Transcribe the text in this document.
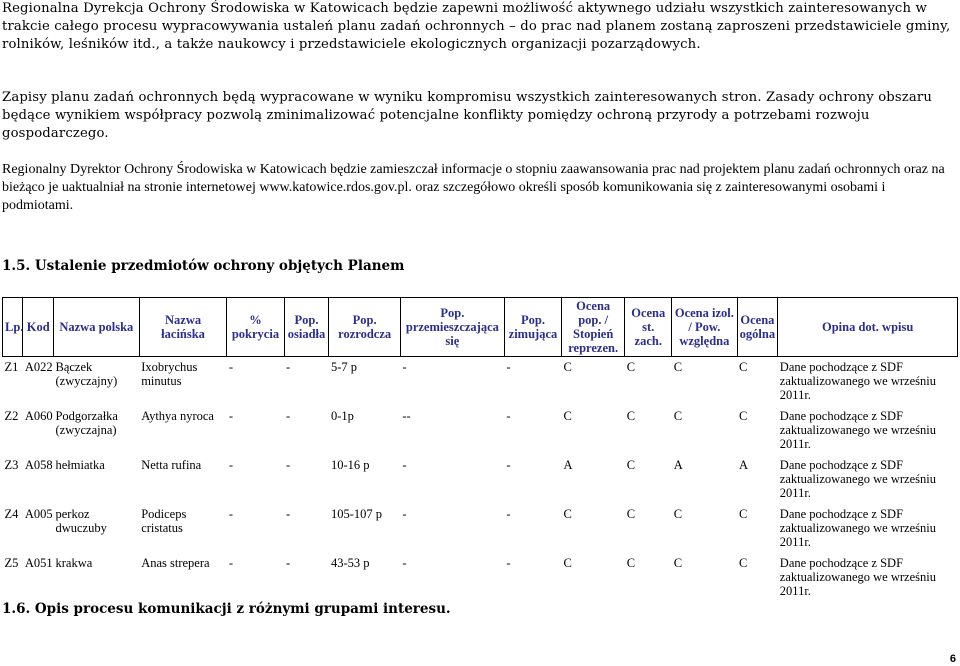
Regionalna Dyrekcja Ochrony Środowiska w Katowicach będzie zapewni możliwość aktywnego udziału wszystkich zainteresowanych w trakcie całego procesu wypracowywania ustaleń planu zadań ochronnych – do prac nad planem zostaną zaproszeni przedstawiciele gminy, rolników, leśników itd., a także naukowcy i przedstawiciele ekologicznych organizacji pozarządowych.

Zapisy planu zadań ochronnych będą wypracowane w wyniku kompromisu wszystkich zainteresowanych stron. Zasady ochrony obszaru będące wynikiem współpracy pozwolą zminimalizować potencjalne konflikty pomiędzy ochroną przyrody a potrzebami rozwoju gospodarczego.

Regionalny Dyrektor Ochrony Środowiska w Katowicach będzie zamieszczał informacje o stopniu zaawansowania prac nad projektem planu zadań ochronnych oraz na bieżąco je uaktualniał na stronie internetowej www.katowice.rdos.gov.pl. oraz szczegółowo określi sposób komunikowania się z zainteresowanymi osobami i podmiotami.

1.5. Ustalenie przedmiotów ochrony objętych Planem
Lp.	Kod	Nazwa polska	Nazwa łacińska	% pokrycia	Pop. osiadła	Pop. rozrodcza	Pop. przemieszczająca się	Pop. zimująca	Ocena pop. / Stopień reprezen.	Ocena st. zach.	Ocena izol. / Pow. względna	Ocena ogólna	Opina dot. wpisu
Z1	A022	Bączek (zwyczajny)	Ixobrychus minutus	-	-	5-7 p	-	-	C	C	C	C	Dane pochodzące z SDF zaktualizowanego we wrześniu 2011r.
Z2	A060	Podgorzałka (zwyczajna)	Aythya nyroca	-	-	0-1p	--	-	C	C	C	C	Dane pochodzące z SDF zaktualizowanego we wrześniu 2011r.
Z3	A058	hełmiatka	Netta rufina	-	-	10-16 p	-	-	A	C	A	A	Dane pochodzące z SDF zaktualizowanego we wrześniu 2011r.
Z4	A005	perkoz dwuczuby	Podiceps cristatus	-	-	105-107 p	-	-	C	C	C	C	Dane pochodzące z SDF zaktualizowanego we wrześniu 2011r.
Z5	A051	krakwa	Anas strepera	-	-	43-53 p	-	-	C	C	C	C	Dane pochodzące z SDF zaktualizowanego we wrześniu 2011r.
1.6. Opis procesu komunikacji z różnymi grupami interesu.
6
